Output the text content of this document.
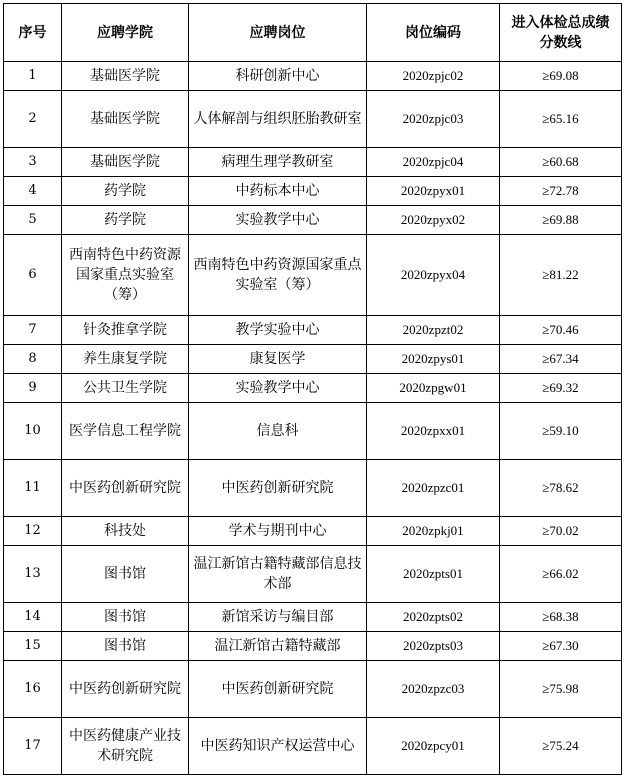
序号	应聘学院	应聘岗位	岗位编码	进入体检总成绩分数线
1	基础医学院	科研创新中心	2020zpjc02	≥69.08
2	基础医学院	人体解剖与组织胚胎教研室	2020zpjc03	≥65.16
3	基础医学院	病理生理学教研室	2020zpjc04	≥60.68
4	药学院	中药标本中心	2020zpyx01	≥72.78
5	药学院	实验教学中心	2020zpyx02	≥69.88
6	西南特色中药资源国家重点实验室（筹）	西南特色中药资源国家重点实验室（筹）	2020zpyx04	≥81.22
7	针灸推拿学院	教学实验中心	2020zpzt02	≥70.46
8	养生康复学院	康复医学	2020zpys01	≥67.34
9	公共卫生学院	实验教学中心	2020zpgw01	≥69.32
10	医学信息工程学院	信息科	2020zpxx01	≥59.10
11	中医药创新研究院	中医药创新研究院	2020zpzc01	≥78.62
12	科技处	学术与期刊中心	2020zpkj01	≥70.02
13	图书馆	温江新馆古籍特藏部信息技术部	2020zpts01	≥66.02
14	图书馆	新馆采访与编目部	2020zpts02	≥68.38
15	图书馆	温江新馆古籍特藏部	2020zpts03	≥67.30
16	中医药创新研究院	中医药创新研究院	2020zpzc03	≥75.98
17	中医药健康产业技术研究院	中医药知识产权运营中心	2020zpcy01	≥75.24
